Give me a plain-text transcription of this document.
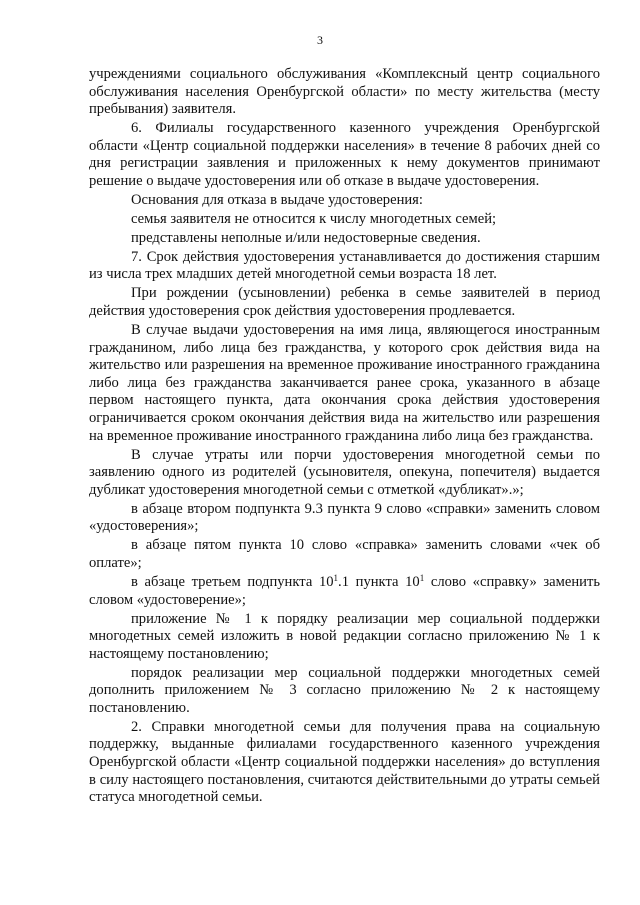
3

учреждениями социального обслуживания «Комплексный центр социального обслуживания населения Оренбургской области» по месту жительства (месту пребывания) заявителя.

6. Филиалы государственного казенного учреждения Оренбургской области «Центр социальной поддержки населения» в течение 8 рабочих дней со дня регистрации заявления и приложенных к нему документов принимают решение о выдаче удостоверения или об отказе в выдаче удостоверения.

Основания для отказа в выдаче удостоверения:

семья заявителя не относится к числу многодетных семей;

представлены неполные и/или недостоверные сведения.

7. Срок действия удостоверения устанавливается до достижения старшим из числа трех младших детей многодетной семьи возраста 18 лет.

При рождении (усыновлении) ребенка в семье заявителей в период действия удостоверения срок действия удостоверения продлевается.

В случае выдачи удостоверения на имя лица, являющегося иностранным гражданином, либо лица без гражданства, у которого срок действия вида на жительство или разрешения на временное проживание иностранного гражданина либо лица без гражданства заканчивается ранее срока, указанного в абзаце первом настоящего пункта, дата окончания срока действия удостоверения ограничивается сроком окончания действия вида на жительство или разрешения на временное проживание иностранного гражданина либо лица без гражданства.

В случае утраты или порчи удостоверения многодетной семьи по заявлению одного из родителей (усыновителя, опекуна, попечителя) выдается дубликат удостоверения многодетной семьи с отметкой «дубликат».»;

в абзаце втором подпункта 9.3 пункта 9 слово «справки» заменить словом «удостоверения»;

в абзаце пятом пункта 10 слово «справка» заменить словами «чек об оплате»;

в абзаце третьем подпункта $10^1.1$ пункта $10^1$ слово «справку» заменить словом «удостоверение»;

приложение № 1 к порядку реализации мер социальной поддержки многодетных семей изложить в новой редакции согласно приложению № 1 к настоящему постановлению;

порядок реализации мер социальной поддержки многодетных семей дополнить приложением № 3 согласно приложению № 2 к настоящему постановлению.

2. Справки многодетной семьи для получения права на социальную поддержку, выданные филиалами государственного казенного учреждения Оренбургской области «Центр социальной поддержки населения» до вступления в силу настоящего постановления, считаются действительными до утраты семьей статуса многодетной семьи.
